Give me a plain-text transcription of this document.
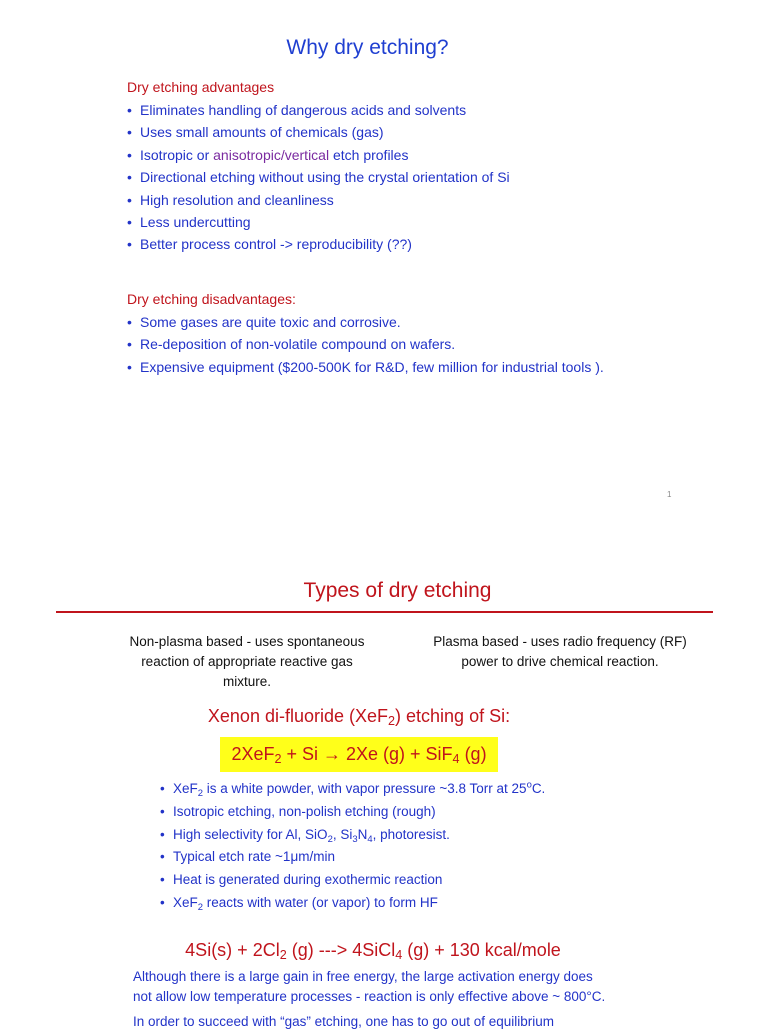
Why dry etching?
Dry etching advantages
• Eliminates handling of dangerous acids and solvents
• Uses small amounts of chemicals (gas)
• Isotropic or anisotropic/vertical etch profiles
• Directional etching without using the crystal orientation of Si
• High resolution and cleanliness
• Less undercutting
• Better process control -> reproducibility (??)
Dry etching disadvantages:
• Some gases are quite toxic and corrosive.
• Re-deposition of non-volatile compound on wafers.
• Expensive equipment ($200-500K for R&D, few million for industrial tools ).
1
Types of dry etching
Non-plasma based - uses spontaneous
reaction of appropriate reactive gas
mixture.
Plasma based - uses radio frequency (RF)
power to drive chemical reaction.
Xenon di-fluoride (XeF$_2$) etching of Si:
2XeF$_2$ + Si → 2Xe (g) + SiF$_4$ (g)
• XeF$_2$ is a white powder, with vapor pressure ~3.8 Torr at 25$^o$C.
• Isotropic etching, non-polish etching (rough)
• High selectivity for Al, SiO$_2$, $Si_3N_4$, photoresist.
• Typical etch rate ~1μm/min
• Heat is generated during exothermic reaction
• XeF$_2$ reacts with water (or vapor) to form HF
$4Si(s) + 2Cl_2$ (g) ---> 4SiCl$_4$ (g) + 130 kcal/mole
Although there is a large gain in free energy, the large activation energy does
not allow low temperature processes - reaction is only effective above ~ 800°C.
In order to succeed with “gas” etching, one has to go out of equilibrium
